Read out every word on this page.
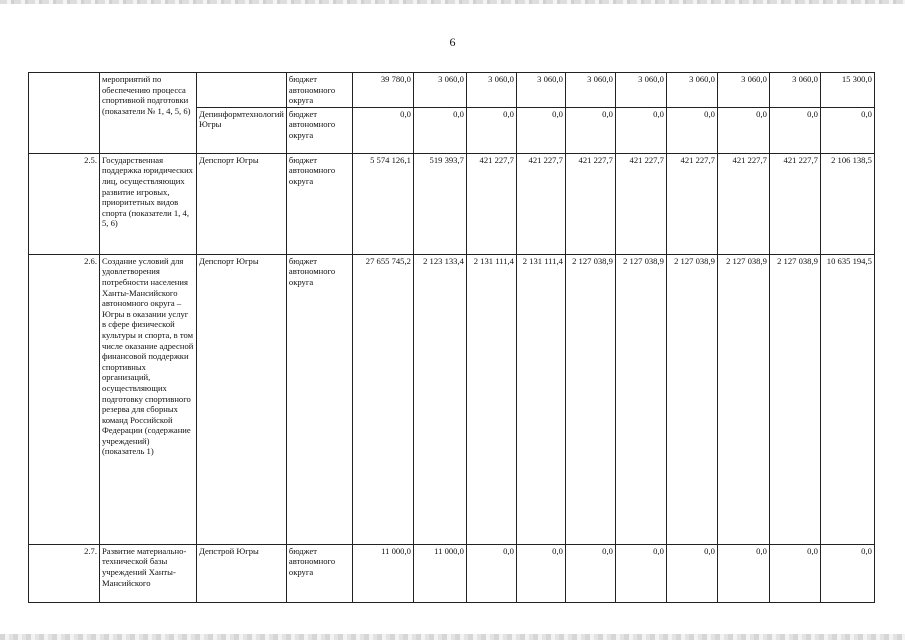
6
	мероприятий по обеспечению процесса спортивной подготовки (показатели № 1, 4, 5, 6)		бюджет автономного округа	39 780,0	3 060,0	3 060,0	3 060,0	3 060,0	3 060,0	3 060,0	3 060,0	3 060,0	15 300,0
		Депинформтехнологий Югры	бюджет автономного округа	0,0	0,0	0,0	0,0	0,0	0,0	0,0	0,0	0,0	0,0
2.5.	Государственная поддержка юридических лиц, осуществляющих развитие игровых, приоритетных видов спорта (показатели 1, 4, 5, 6)	Депспорт Югры	бюджет автономного округа	5 574 126,1	519 393,7	421 227,7	421 227,7	421 227,7	421 227,7	421 227,7	421 227,7	421 227,7	2 106 138,5
2.6.	Создание условий для удовлетворения потребности населения Ханты-Мансийского автономного округа – Югры в оказании услуг в сфере физической культуры и спорта, в том числе оказание адресной финансовой поддержки спортивных организаций, осуществляющих подготовку спортивного резерва для сборных команд Российской Федерации (содержание учреждений) (показатель 1)	Депспорт Югры	бюджет автономного округа	27 655 745,2	2 123 133,4	2 131 111,4	2 131 111,4	2 127 038,9	2 127 038,9	2 127 038,9	2 127 038,9	2 127 038,9	10 635 194,5
2.7.	Развитие материально-технической базы учреждений Ханты-Мансийского	Депстрой Югры	бюджет автономного округа	11 000,0	11 000,0	0,0	0,0	0,0	0,0	0,0	0,0	0,0	0,0
